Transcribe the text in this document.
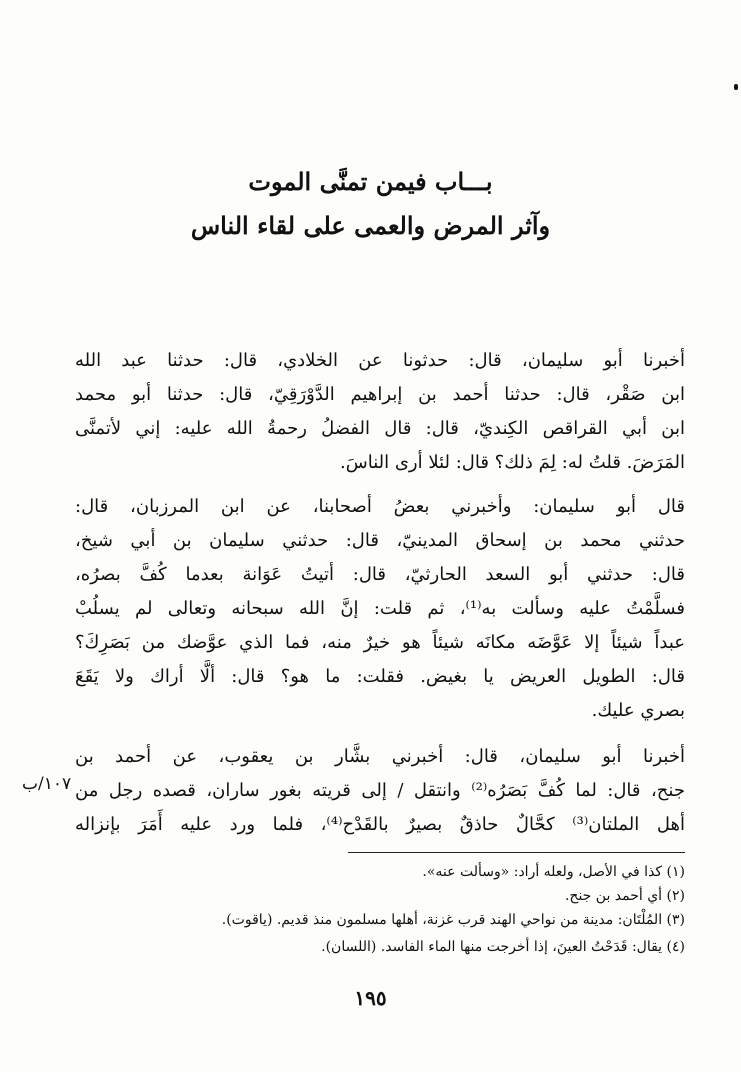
بـــاب فيمن تمنَّى الموت
وآثر المرض والعمى على لقاء الناس
أخبرنا أبو سليمان، قال: حدثونا عن الخلادي، قال: حدثنا عبد الله
ابن صَقْر، قال: حدثنا أحمد بن إبراهيم الدَّوْرَقِيّ، قال: حدثنا أبو محمد
ابن أبي القراقص الكِنديّ، قال: قال الفضلُ رحمةُ الله عليه: إني لأتمنَّى
المَرَضَ. قلتُ له: لِمَ ذلك؟ قال: لئلا أرى الناسَ.
قال أبو سليمان: وأخبرني بعضُ أصحابنا، عن ابن المرزبان، قال:
حدثني محمد بن إسحاق المدينيّ، قال: حدثني سليمان بن أبي شيخ،
قال: حدثني أبو السعد الحارثيّ، قال: أتيتُ عَوَانة بعدما كُفَّ بصرُه،
فسلَّمْتُ عليه وسألت به⁽¹⁾، ثم قلت: إنَّ الله سبحانه وتعالى لم يسلُبْ
عبداً شيئاً إلا عَوَّضَه مكانَه شيئاً هو خيرٌ منه، فما الذي عوَّضك من بَصَرِكَ؟
قال: الطويل العريض يا بغيض. فقلت: ما هو؟ قال: ألَّا أراك ولا يَقَعَ
بصري عليك.
أخبرنا أبو سليمان، قال: أخبرني بشَّار بن يعقوب، عن أحمد بن
جنح، قال: لما كُفَّ بَصَرُه⁽²⁾ وانتقل / إلى قريته بغور ساران، قصده رجل من
أهل الملتان⁽³⁾ كحَّالٌ حاذقٌ بصيرٌ بالقَدْح⁽⁴⁾، فلما ورد عليه أَمَرَ بإنزاله
١٠٧/ب
(١) كذا في الأصل، ولعله أراد: «وسألت عنه».
(٢) أي أحمد بن جنح.
(٣) المُلْتَان: مدينة من نواحي الهند قرب غزنة، أهلها مسلمون منذ قديم. (ياقوت).
(٤) يقال: قَدَحْتُ العينَ، إذا أخرجت منها الماء الفاسد. (اللسان).
١٩٥
